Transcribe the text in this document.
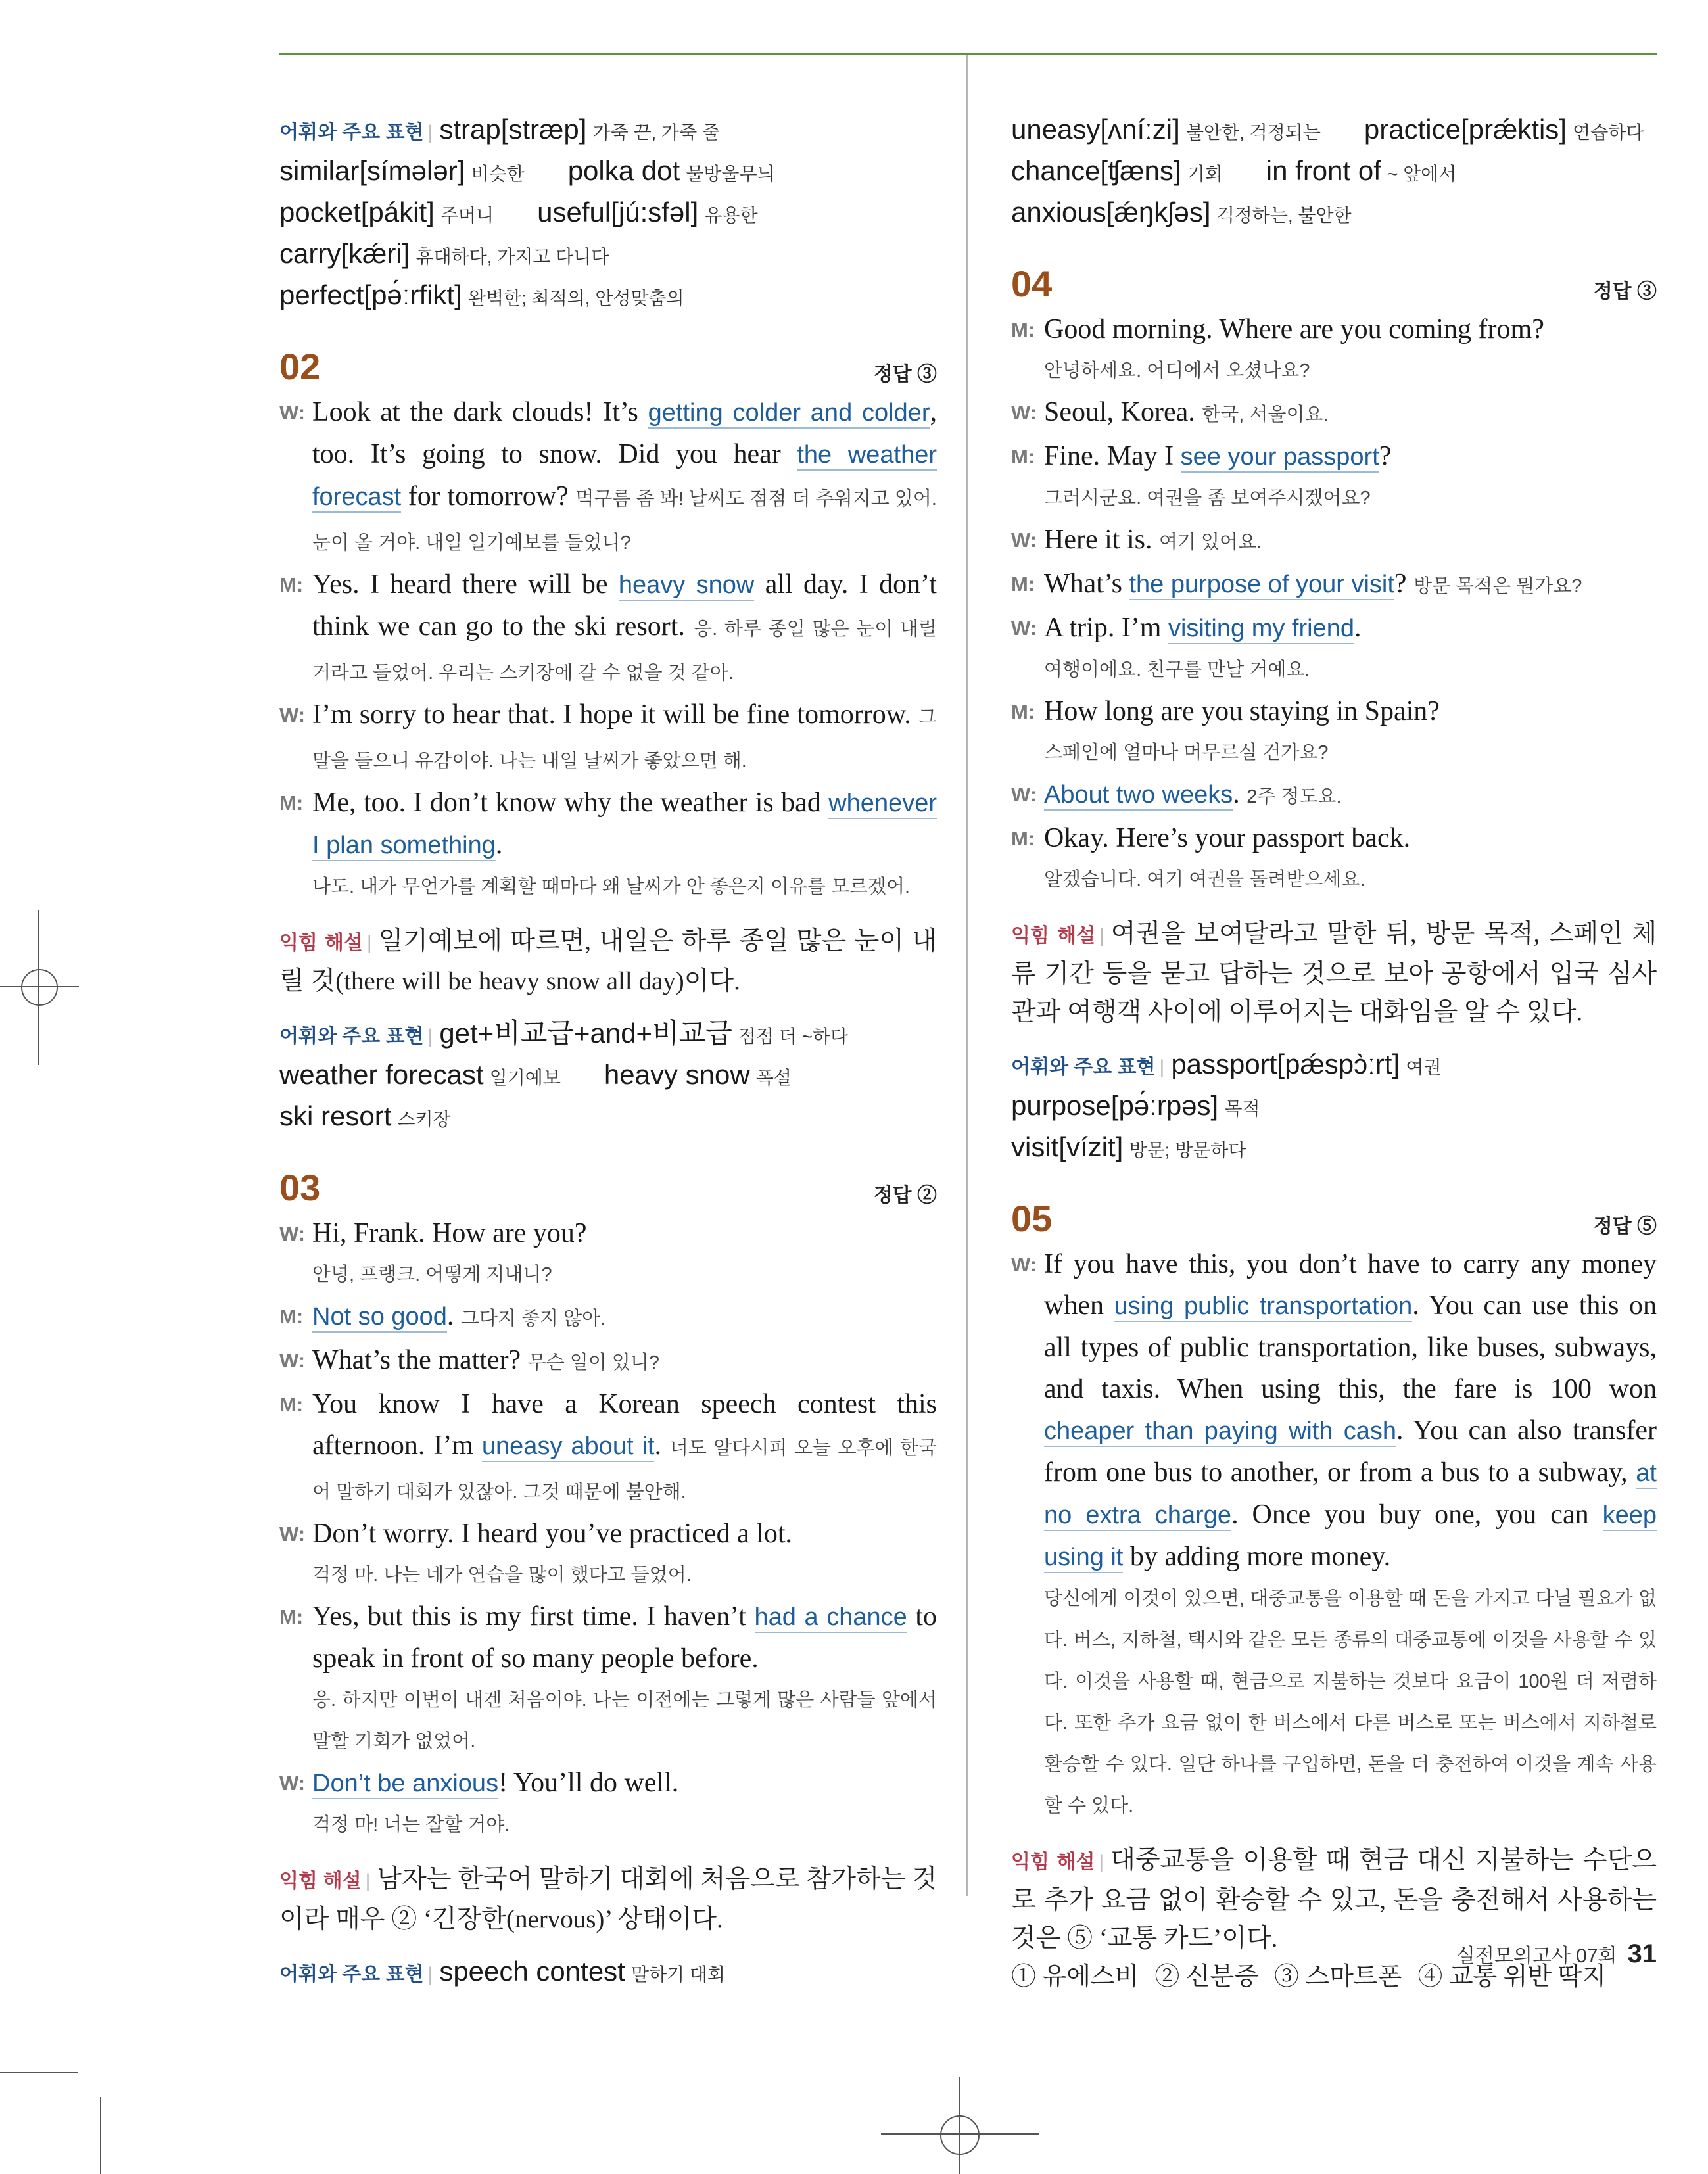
어휘와 주요 표현 | strap[stræp] 가죽 끈, 가죽 줄
similar[símələr] 비슷한   polka dot 물방울무늬
pocket[pákit] 주머니   useful[jú:sfəl] 유용한
carry[kǽri] 휴대하다, 가지고 다니다
perfect[pə́ːrfikt] 완벽한; 최적의, 안성맞춤의
02	정답 ③
W: Look at the dark clouds! It’s getting colder and colder, too. It’s going to snow. Did you hear the weather forecast for tomorrow? 먹구름 좀 봐! 날씨도 점점 더 추워지고 있어. 눈이 올 거야. 내일 일기예보를 들었니?
M: Yes. I heard there will be heavy snow all day. I don’t think we can go to the ski resort. 응. 하루 종일 많은 눈이 내릴 거라고 들었어. 우리는 스키장에 갈 수 없을 것 같아.
W: I’m sorry to hear that. I hope it will be fine tomorrow. 그 말을 들으니 유감이야. 나는 내일 날씨가 좋았으면 해.
M: Me, too. I don’t know why the weather is bad whenever I plan something.
나도. 내가 무언가를 계획할 때마다 왜 날씨가 안 좋은지 이유를 모르겠어.
익힘 해설 | 일기예보에 따르면, 내일은 하루 종일 많은 눈이 내릴 것(there will be heavy snow all day)이다.
어휘와 주요 표현 | get+비교급+and+비교급 점점 더 ~하다
weather forecast 일기예보   heavy snow 폭설
ski resort 스키장
03	정답 ②
W: Hi, Frank. How are you?
안녕, 프랭크. 어떻게 지내니?
M: Not so good. 그다지 좋지 않아.
W: What’s the matter? 무슨 일이 있니?
M: You know I have a Korean speech contest this afternoon. I’m uneasy about it. 너도 알다시피 오늘 오후에 한국어 말하기 대회가 있잖아. 그것 때문에 불안해.
W: Don’t worry. I heard you’ve practiced a lot.
걱정 마. 나는 네가 연습을 많이 했다고 들었어.
M: Yes, but this is my first time. I haven’t had a chance to speak in front of so many people before.
응. 하지만 이번이 내겐 처음이야. 나는 이전에는 그렇게 많은 사람들 앞에서 말할 기회가 없었어.
W: Don’t be anxious! You’ll do well.
걱정 마! 너는 잘할 거야.
익힘 해설 | 남자는 한국어 말하기 대회에 처음으로 참가하는 것이라 매우 ② ‘긴장한(nervous)’ 상태이다.
어휘와 주요 표현 | speech contest 말하기 대회
uneasy[ʌníːzi] 불안한, 걱정되는   practice[prǽktis] 연습하다
chance[ʧæns] 기회   in front of ~ 앞에서
anxious[ǽŋkʃəs] 걱정하는, 불안한
04	정답 ③
M: Good morning. Where are you coming from?
안녕하세요. 어디에서 오셨나요?
W: Seoul, Korea. 한국, 서울이요.
M: Fine. May I see your passport?
그러시군요. 여권을 좀 보여주시겠어요?
W: Here it is. 여기 있어요.
M: What’s the purpose of your visit? 방문 목적은 뭔가요?
W: A trip. I’m visiting my friend.
여행이에요. 친구를 만날 거예요.
M: How long are you staying in Spain?
스페인에 얼마나 머무르실 건가요?
W: About two weeks. 2주 정도요.
M: Okay. Here’s your passport back.
알겠습니다. 여기 여권을 돌려받으세요.
익힘 해설 | 여권을 보여달라고 말한 뒤, 방문 목적, 스페인 체류 기간 등을 묻고 답하는 것으로 보아 공항에서 입국 심사관과 여행객 사이에 이루어지는 대화임을 알 수 있다.
어휘와 주요 표현 | passport[pǽspɔ̀ːrt] 여권  purpose[pə́ːrpəs] 목적
visit[vízit] 방문; 방문하다
05	정답 ⑤
W: If you have this, you don’t have to carry any money when using public transportation. You can use this on all types of public transportation, like buses, subways, and taxis. When using this, the fare is 100 won cheaper than paying with cash. You can also transfer from one bus to another, or from a bus to a subway, at no extra charge. Once you buy one, you can keep using it by adding more money.
당신에게 이것이 있으면, 대중교통을 이용할 때 돈을 가지고 다닐 필요가 없다. 버스, 지하철, 택시와 같은 모든 종류의 대중교통에 이것을 사용할 수 있다. 이것을 사용할 때, 현금으로 지불하는 것보다 요금이 100원 더 저렴하다. 또한 추가 요금 없이 한 버스에서 다른 버스로 또는 버스에서 지하철로 환승할 수 있다. 일단 하나를 구입하면, 돈을 더 충전하여 이것을 계속 사용할 수 있다.
익힘 해설 | 대중교통을 이용할 때 현금 대신 지불하는 수단으로 추가 요금 없이 환승할 수 있고, 돈을 충전해서 사용하는 것은 ⑤ ‘교통 카드’이다.
① 유에스비 ② 신분증 ③ 스마트폰 ④ 교통 위반 딱지
실전모의고사 07회 31
